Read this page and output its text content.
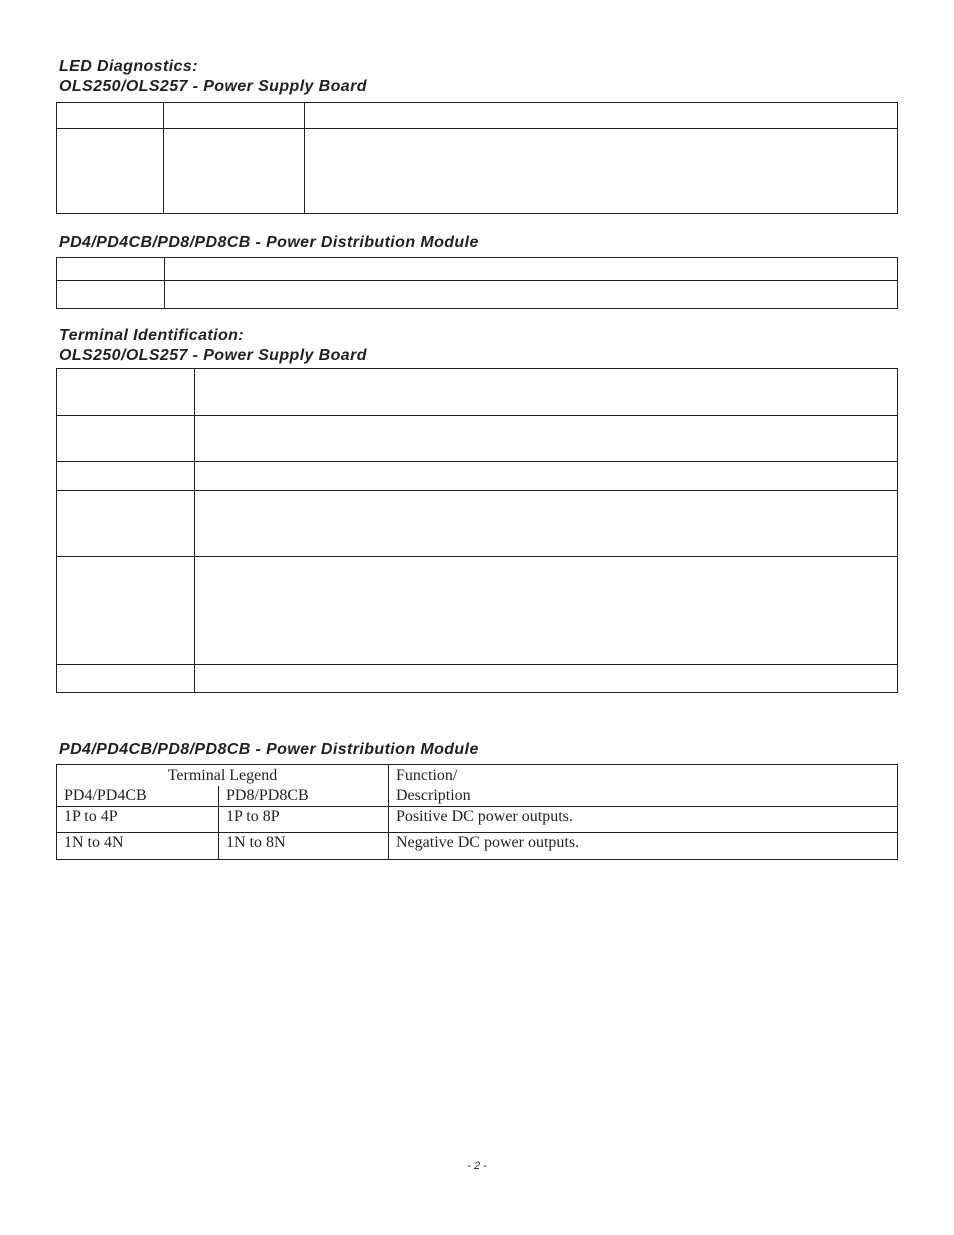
LED Diagnostics:
OLS250/OLS257 - Power Supply Board

PD4/PD4CB/PD8/PD8CB - Power Distribution Module

Terminal Identification:
OLS250/OLS257 - Power Supply Board

PD4/PD4CB/PD8/PD8CB - Power Distribution Module
Terminal Legend		Function/
Description
PD4/PD4CB	PD8/PD8CB	
1P to 4P	1P to 8P	Positive DC power outputs.
1N to 4N	1N to 8N	Negative DC power outputs.
- 2 -
